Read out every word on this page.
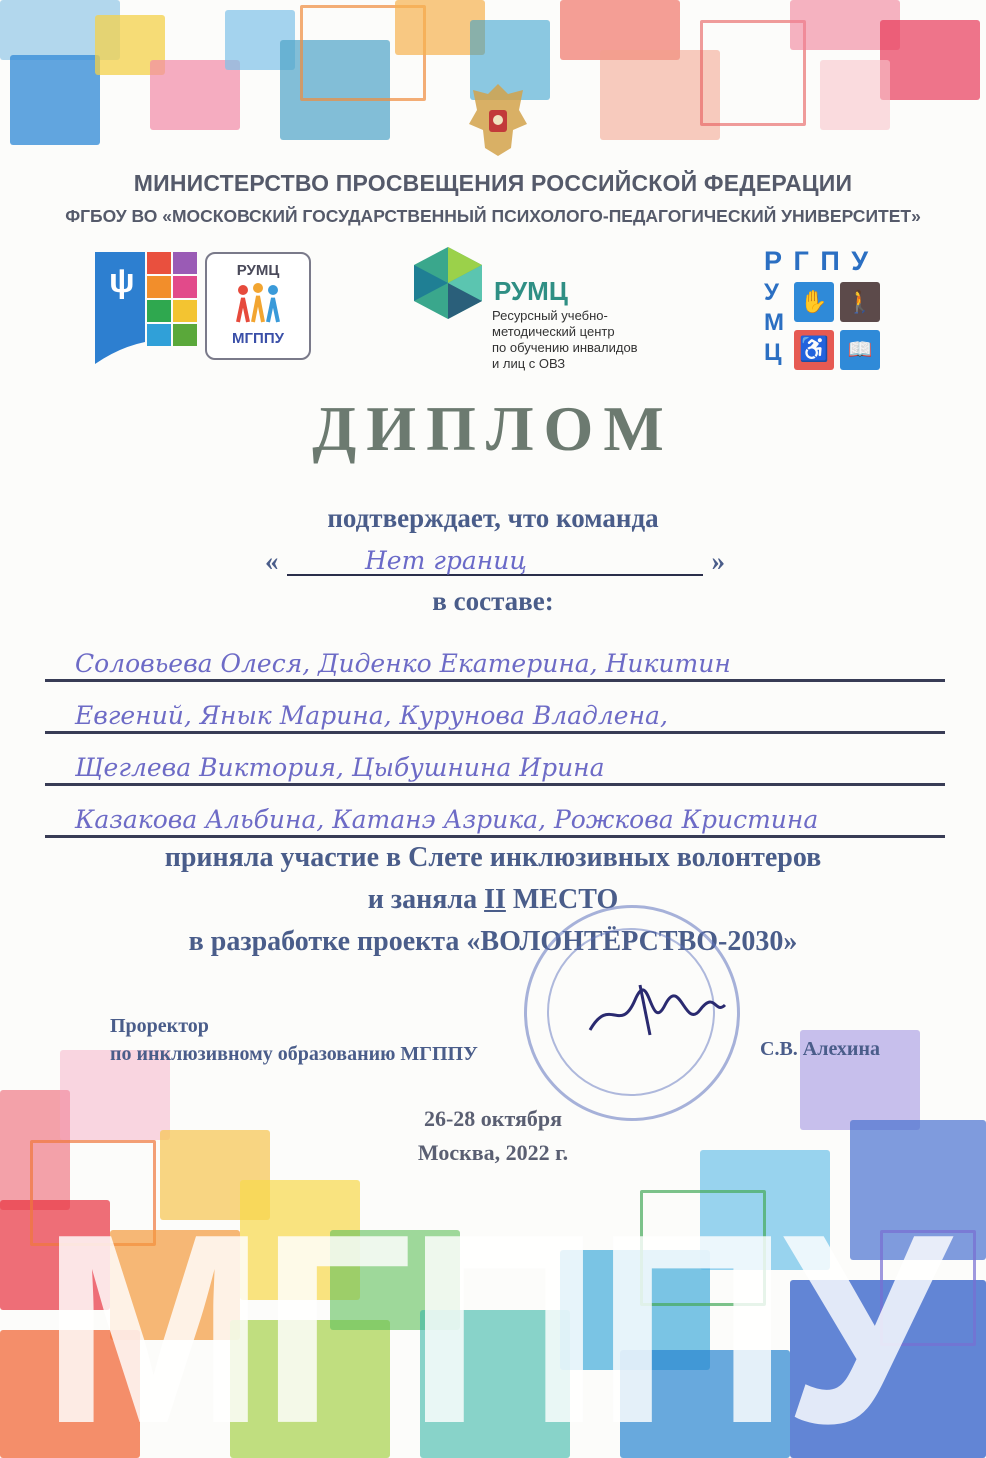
МИНИСТЕРСТВО ПРОСВЕЩЕНИЯ РОССИЙСКОЙ ФЕДЕРАЦИИ
ФГБОУ ВО «МОСКОВСКИЙ ГОСУДАРСТВЕННЫЙ ПСИХОЛОГО-ПЕДАГОГИЧЕСКИЙ УНИВЕРСИТЕТ»
ψ	РУМЦ
МГППУ
РУМЦ
Ресурсный учебно-
методический центр
по обучению инвалидов
и лиц с ОВЗ
Р Г П У
У
М
Ц
✋ 🚶
♿ 📖
ДИПЛОМ
подтверждает, что команда
«	Нет границ	»
в составе:
Соловьева Олеся, Диденко Екатерина, Никитин
Евгений, Янык Марина, Курунова Владлена,
Щеглева Виктория, Цыбушнина Ирина
Казакова Альбина, Катанэ Азрика, Рожкова Кристина
приняла участие в Слете инклюзивных волонтеров
и заняла II МЕСТО
в разработке проекта «ВОЛОНТЁРСТВО-2030»
МГППУ
Проректор
по инклюзивному образованию МГППУ	С.В. Алехина
26-28 октября
Москва, 2022 г.
